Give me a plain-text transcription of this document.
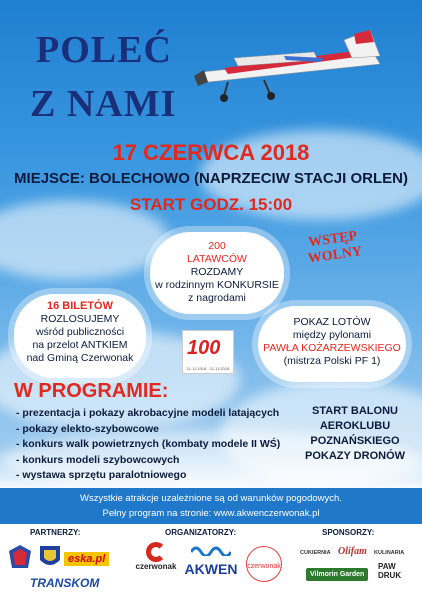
POLEĆ
Z NAMI
17 CZERWCA 2018
MIEJSCE: BOLECHOWO (NAPRZECIW STACJI ORLEN)
START GODZ. 15:00
WSTĘP
WOLNY
200
LATAWCÓW
ROZDAMY
w rodzinnym KONKURSIE
z nagrodami
16 BILETÓW
ROZLOSUJEMY
wśród publiczności
na przelot ANTKIEM
nad Gminą Czerwonak	100
11.11.1918 · 11.11.2018
POKAZ LOTÓW
między pylonami
PAWŁA KOŻARZEWSKIEGO
(mistrza Polski PF 1)
W PROGRAMIE:
- prezentacja i pokazy akrobacyjne modeli latających
- pokazy elekto-szybowcowe
- konkurs walk powietrznych (kombaty modele II WŚ)
- konkurs modeli szybowcowych
- wystawa sprzętu paralotniowego
START BALONU
AEROKLUBU
POZNAŃSKIEGO
POKAZY DRONÓW
Wszystkie atrakcje uzależnione są od warunków pogodowych.
Pełny program na stronie: www.akwenczerwonak.pl
PARTNERZY:	ORGANIZATORZY:	SPONSORZY:
eska.pl
TRANSKOM
czerwonak AKWEN	czerwonak
CUKIERNIA Olifam KULINARIA
Vilmorin Garden
PAW DRUK
